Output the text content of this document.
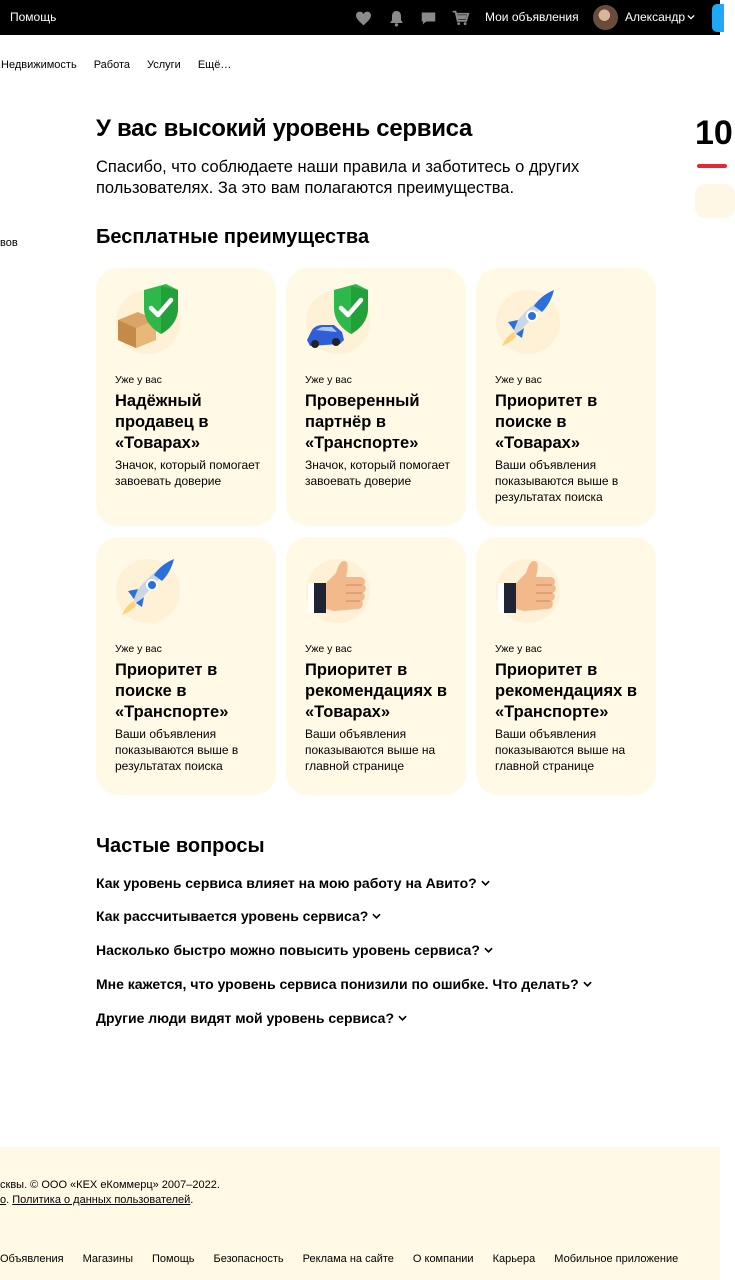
Помощь	Мои объявления	Александр
Недвижимость Работа Услуги Ещё…
вов
10
У вас высокий уровень сервиса

Спасибо, что соблюдаете наши правила и заботитесь о других пользователях. За это вам полагаются преимущества.

Бесплатные преимущества
Уже у вас
Надёжный продавец в «Товарах»
Значок, который помогает завоевать доверие
Уже у вас
Проверенный партнёр в «Транспорте»
Значок, который помогает завоевать доверие
Уже у вас
Приоритет в поиске в «Товарах»
Ваши объявления показываются выше в результатах поиска
Уже у вас
Приоритет в поиске в «Транспорте»
Ваши объявления показываются выше в результатах поиска
Уже у вас
Приоритет в рекомендациях в «Товарах»
Ваши объявления показываются выше на главной странице
Уже у вас
Приоритет в рекомендациях в «Транспорте»
Ваши объявления показываются выше на главной странице
Частые вопросы
Как уровень сервиса влияет на мою работу на Авито?
Как рассчитывается уровень сервиса?
Насколько быстро можно повысить уровень сервиса?
Мне кажется, что уровень сервиса понизили по ошибке. Что делать?
Другие люди видят мой уровень сервиса?
сквы. © ООО «КЕХ еКоммерц» 2007–2022.
о. Политика о данных пользователей.
Объявления Магазины Помощь Безопасность Реклама на сайте О компании Карьера Мобильное приложение
